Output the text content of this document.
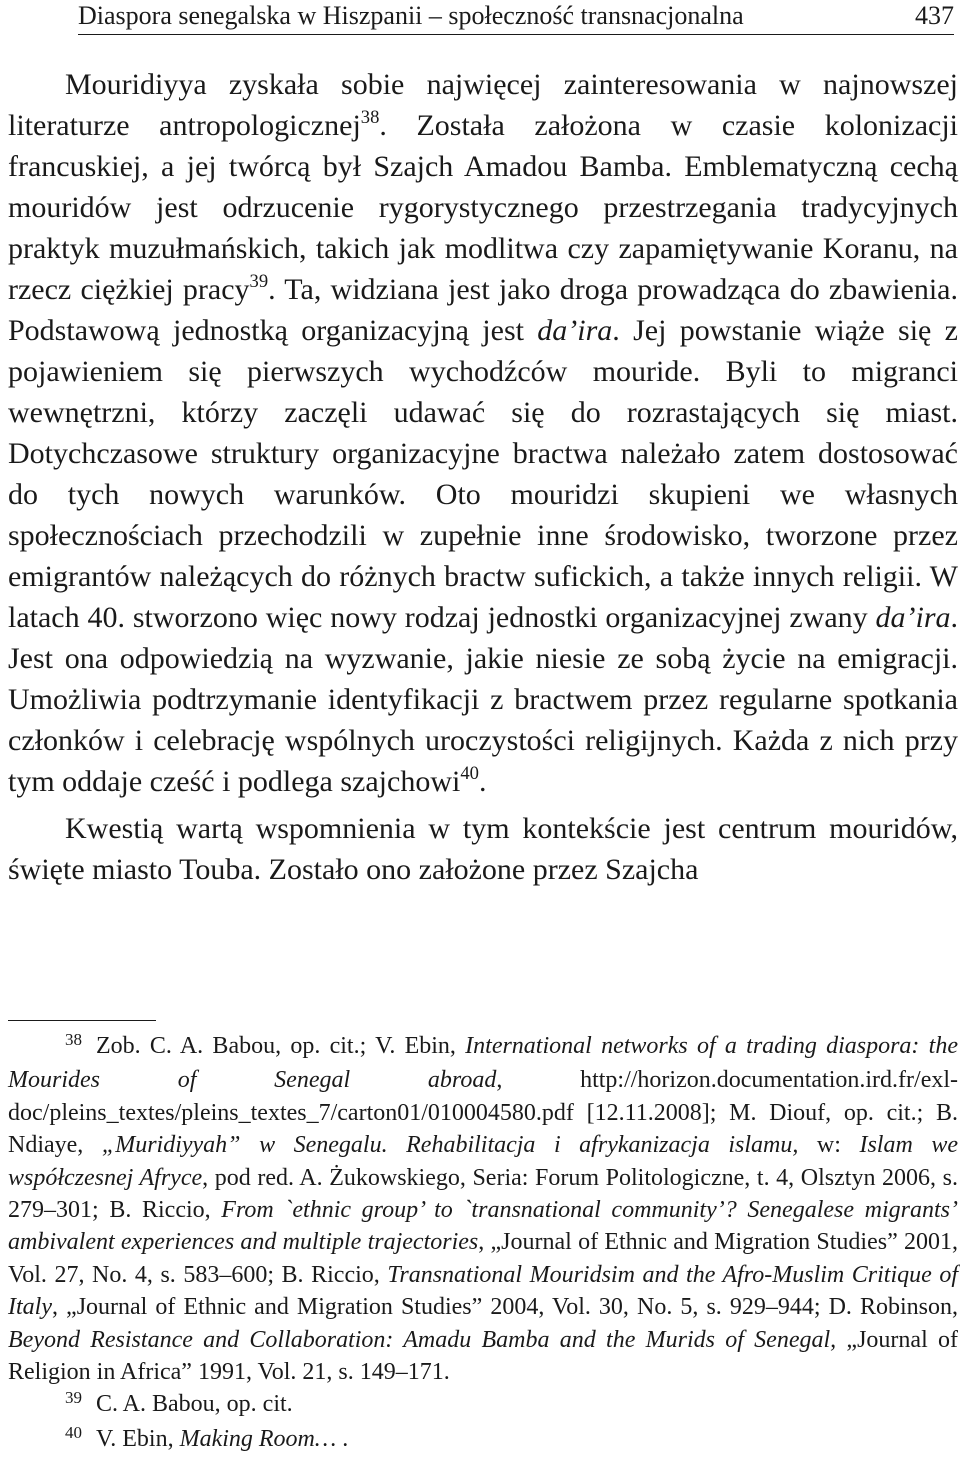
Diaspora senegalska w Hiszpanii – społeczność transnacjonalna	437

Mouridiyya zyskała sobie najwięcej zainteresowania w najnowszej literaturze antropologicznej$^{38}$. Została założona w czasie kolonizacji francuskiej, a jej twórcą był Szajch Amadou Bamba. Emblematyczną cechą mouridów jest odrzucenie rygorystycznego przestrzegania tradycyjnych praktyk muzułmańskich, takich jak modlitwa czy zapamiętywanie Koranu, na rzecz ciężkiej pracy$^{39}$. Ta, widziana jest jako droga prowadząca do zbawienia. Podstawową jednostką organizacyjną jest da’ira. Jej powstanie wiąże się z pojawieniem się pierwszych wychodźców mouride. Byli to migranci wewnętrzni, którzy zaczęli udawać się do rozrastających się miast. Dotychczasowe struktury organizacyjne bractwa należało zatem dostosować do tych nowych warunków. Oto mouridzi skupieni we własnych społecznościach przechodzili w zupełnie inne środowisko, tworzone przez emigrantów należących do różnych bractw sufickich, a także innych religii. W latach 40. stworzono więc nowy rodzaj jednostki organizacyjnej zwany da’ira. Jest ona odpowiedzią na wyzwanie, jakie niesie ze sobą życie na emigracji. Umożliwia podtrzymanie identyfikacji z bractwem przez regularne spotkania członków i celebrację wspólnych uroczystości religijnych. Każda z nich przy tym oddaje cześć i podlega szajchowi$^{40}$.

Kwestią wartą wspomnienia w tym kontekście jest centrum mouridów, święte miasto Touba. Zostało ono założone przez Szajcha

$^{38}$ Zob. C. A. Babou, op. cit.; V. Ebin, International networks of a trading diaspora: the Mourides of Senegal abroad, http://horizon.documentation.ird.fr/exl-doc/pleins_textes/pleins_textes_7/carton01/010004580.pdf [12.11.2008]; M. Diouf, op. cit.; B. Ndiaye, „Muridiyyah” w Senegalu. Rehabilitacja i afrykanizacja islamu, w: Islam we współczesnej Afryce, pod red. A. Żukowskiego, Seria: Forum Politologiczne, t. 4, Olsztyn 2006, s. 279–301; B. Riccio, From `ethnic group’ to `transnational community’? Senegalese migrants’ ambivalent experiences and multiple trajectories, „Journal of Ethnic and Migration Studies” 2001, Vol. 27, No. 4, s. 583–600; B. Riccio, Transnational Mouridsim and the Afro-Muslim Critique of Italy, „Journal of Ethnic and Migration Studies” 2004, Vol. 30, No. 5, s. 929–944; D. Robinson, Beyond Resistance and Collaboration: Amadu Bamba and the Murids of Senegal, „Journal of Religion in Africa” 1991, Vol. 21, s. 149–171.

$^{39}$ C. A. Babou, op. cit.

$^{40}$ V. Ebin, Making Room… .
